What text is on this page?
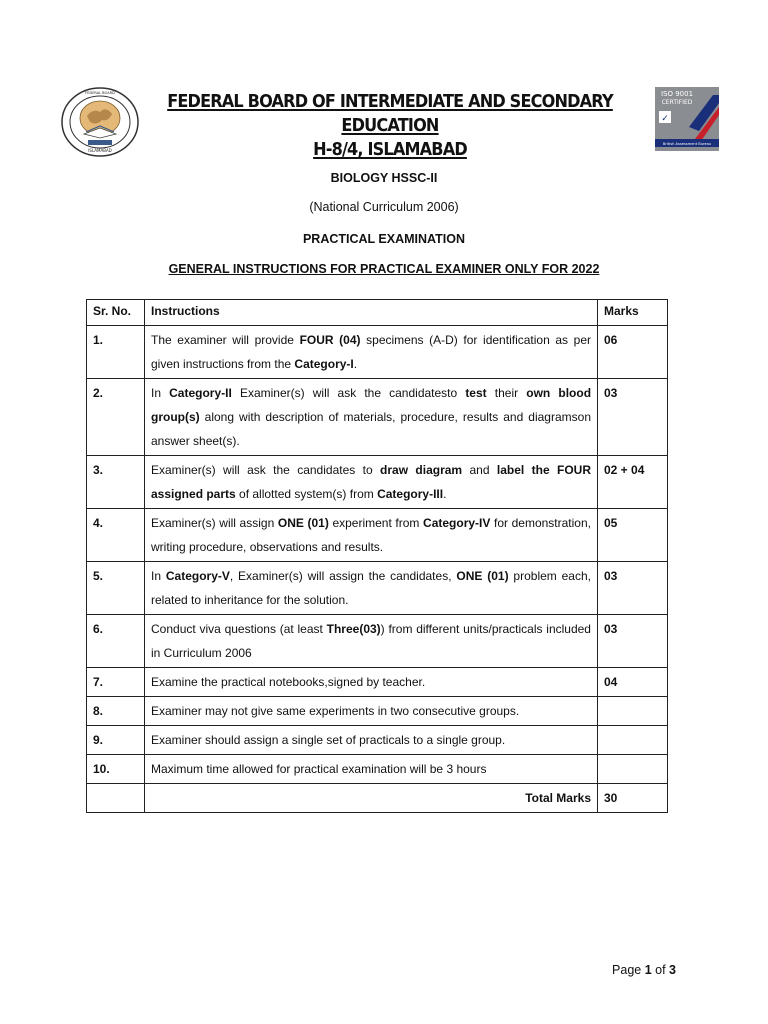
ISLAMABAD
FEDERAL BOARD	FEDERAL BOARD OF INTERMEDIATE AND SECONDARY EDUCATION
H-8/4, ISLAMABAD
ISO 9001
CERTIFIED
✓
British Assessment Bureau
BIOLOGY HSSC-II
(National Curriculum 2006)
PRACTICAL EXAMINATION
GENERAL INSTRUCTIONS FOR PRACTICAL EXAMINER ONLY FOR 2022
Sr. No.	Instructions	Marks
1.	The examiner will provide FOUR (04) specimens (A-D) for identification as per given instructions from the Category-I.	06
2.	In Category-II Examiner(s) will ask the candidatesto test their own blood group(s) along with description of materials, procedure, results and diagramson answer sheet(s).	03
3.	Examiner(s) will ask the candidates to draw diagram and label the FOUR assigned parts of allotted system(s) from Category-III.	02 + 04
4.	Examiner(s) will assign ONE (01) experiment from Category-IV for demonstration, writing procedure, observations and results.	05
5.	In Category-V, Examiner(s) will assign the candidates, ONE (01) problem each, related to inheritance for the solution.	03
6.	Conduct viva questions (at least Three(03)) from different units/practicals included in Curriculum 2006	03
7.	Examine the practical notebooks,signed by teacher.	04
8.	Examiner may not give same experiments in two consecutive groups.	
9.	Examiner should assign a single set of practicals to a single group.	
10.	Maximum time allowed for practical examination will be 3 hours	
	Total Marks	30
Page 1 of 3
